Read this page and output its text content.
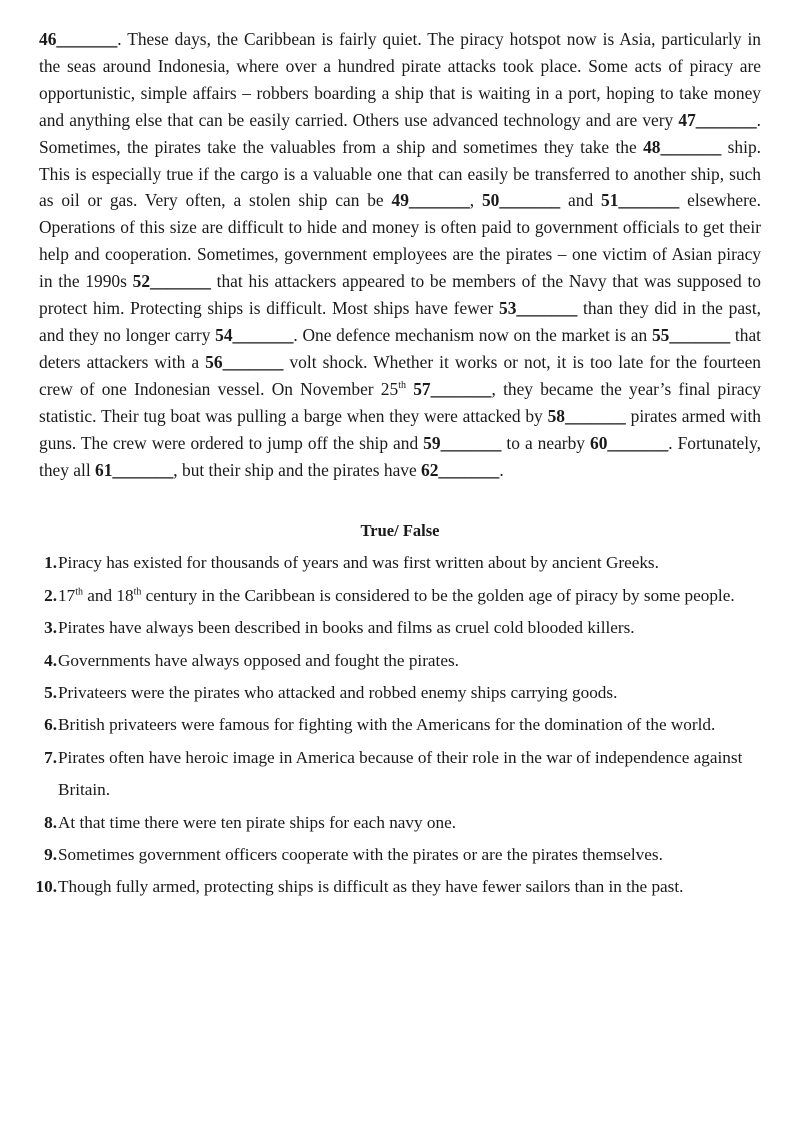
46_______. These days, the Caribbean is fairly quiet. The piracy hotspot now is Asia, particularly in the seas around Indonesia, where over a hundred pirate attacks took place. Some acts of piracy are opportunistic, simple affairs – robbers boarding a ship that is waiting in a port, hoping to take money and anything else that can be easily carried. Others use advanced technology and are very 47_______. Sometimes, the pirates take the valuables from a ship and sometimes they take the 48_______ ship. This is especially true if the cargo is a valuable one that can easily be transferred to another ship, such as oil or gas. Very often, a stolen ship can be 49_______, 50_______ and 51_______ elsewhere. Operations of this size are difficult to hide and money is often paid to government officials to get their help and cooperation. Sometimes, government employees are the pirates – one victim of Asian piracy in the 1990s 52_______ that his attackers appeared to be members of the Navy that was supposed to protect him. Protecting ships is difficult. Most ships have fewer 53_______ than they did in the past, and they no longer carry 54_______. One defence mechanism now on the market is an 55_______ that deters attackers with a 56_______ volt shock. Whether it works or not, it is too late for the fourteen crew of one Indonesian vessel. On November 25th 57_______, they became the year’s final piracy statistic. Their tug boat was pulling a barge when they were attacked by 58_______ pirates armed with guns. The crew were ordered to jump off the ship and 59_______ to a nearby 60_______. Fortunately, they all 61_______, but their ship and the pirates have 62_______.

True/ False
1. Piracy has existed for thousands of years and was first written about by ancient Greeks.
2. 17th and 18th century in the Caribbean is considered to be the golden age of piracy by some people.
3. Pirates have always been described in books and films as cruel cold blooded killers.
4. Governments have always opposed and fought the pirates.
5. Privateers were the pirates who attacked and robbed enemy ships carrying goods.
6. British privateers were famous for fighting with the Americans for the domination of the world.
7. Pirates often have heroic image in America because of their role in the war of independence against Britain.
8. At that time there were ten pirate ships for each navy one.
9. Sometimes government officers cooperate with the pirates or are the pirates themselves.
10. Though fully armed, protecting ships is difficult as they have fewer sailors than in the past.
